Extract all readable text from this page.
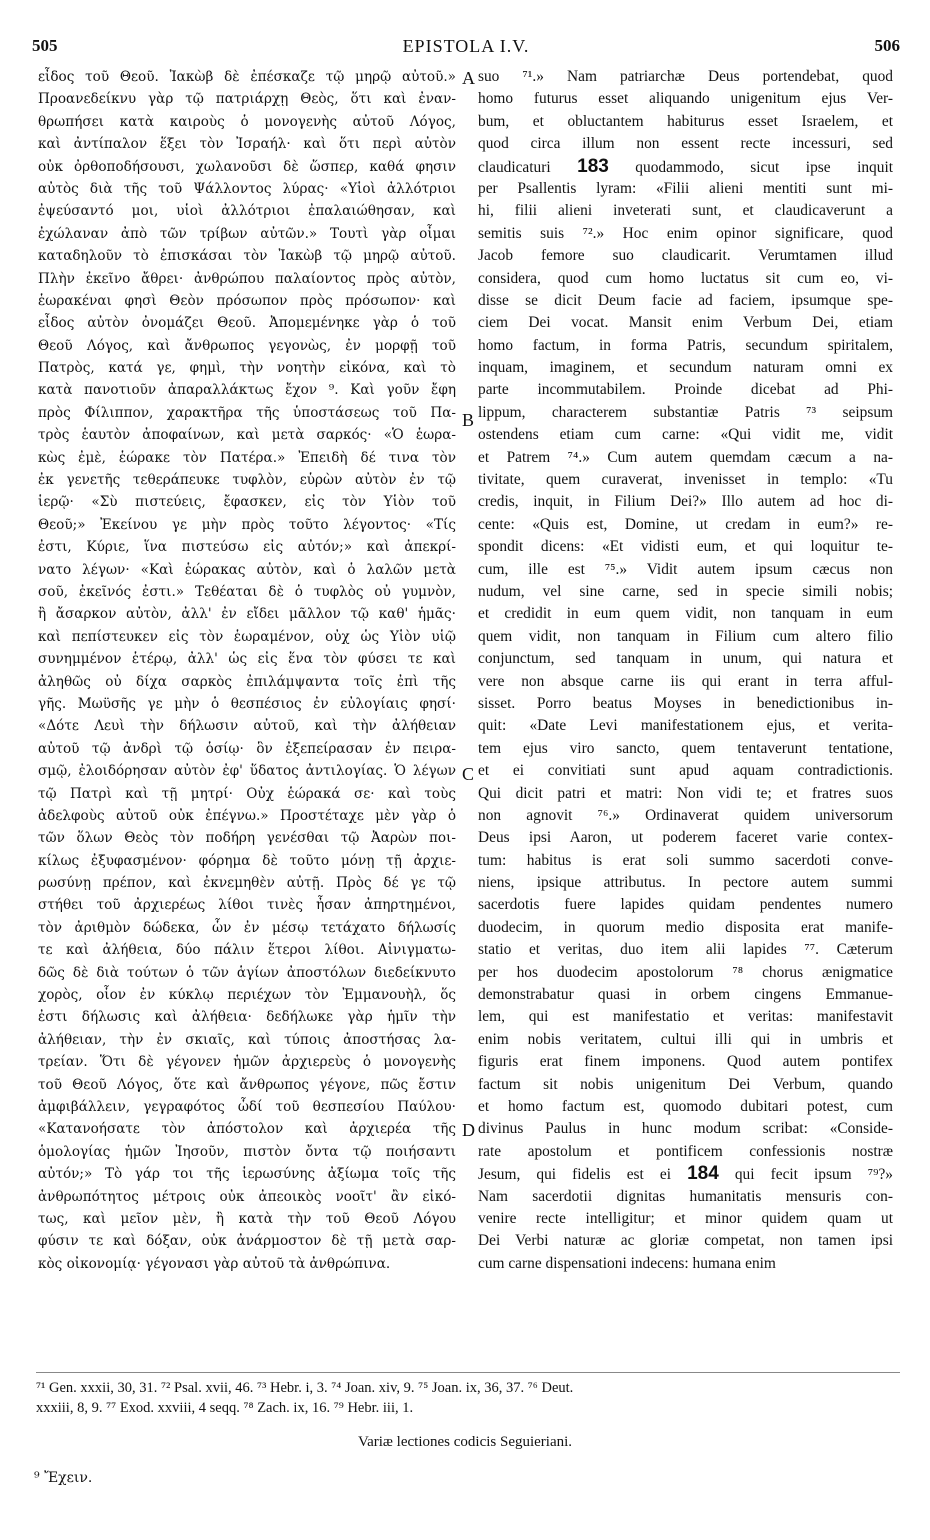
505	EPISTOLA I.V.	506
εἶδος τοῦ Θεοῦ. Ἰακὼβ δὲ ἐπέσκαζε τῷ μηρῷ αὐτοῦ.»
Προανεδείκνυ γὰρ τῷ πατριάρχῃ Θεὸς, ὅτι καὶ ἐναν-
θρωπήσει κατὰ καιροὺς ὁ μονογενὴς αὐτοῦ Λόγος,
καὶ ἀντίπαλον ἕξει τὸν Ἰσραήλ· καὶ ὅτι περὶ αὐτὸν
οὐκ ὀρθοποδήσουσι, χωλανοῦσι δὲ ὥσπερ, καθά φησιν
αὐτὸς διὰ τῆς τοῦ Ψάλλοντος λύρας· «Υἱοὶ ἀλλότριοι
ἐψεύσαντό μοι, υἱοὶ ἀλλότριοι ἐπαλαιώθησαν, καὶ
ἐχώλαναν ἀπὸ τῶν τρίβων αὐτῶν.» Τουτὶ γὰρ οἶμαι
καταδηλοῦν τὸ ἐπισκάσαι τὸν Ἰακὼβ τῷ μηρῷ αὐτοῦ.
Πλὴν ἐκεῖνο ἄθρει· ἀνθρώπου παλαίοντος πρὸς αὐτὸν,
ἑωρακέναι φησὶ Θεὸν πρόσωπον πρὸς πρόσωπον· καὶ
εἶδος αὐτὸν ὀνομάζει Θεοῦ. Ἀπομεμένηκε γὰρ ὁ τοῦ
Θεοῦ Λόγος, καὶ ἄνθρωπος γεγονὼς, ἐν μορφῇ τοῦ
Πατρὸς, κατά γε, φημὶ, τὴν νοητὴν εἰκόνα, καὶ τὸ
κατὰ πανοτιοῦν ἀπαραλλάκτως ἔχον ⁹. Καὶ γοῦν ἔφη
πρὸς Φίλιππον, χαρακτῆρα τῆς ὑποστάσεως τοῦ Πα-
τρὸς ἑαυτὸν ἀποφαίνων, καὶ μετὰ σαρκός· «Ὁ ἑωρα-
κὼς ἐμὲ, ἑώρακε τὸν Πατέρα.» Ἐπειδὴ δέ τινα τὸν
ἐκ γενετῆς τεθεράπευκε τυφλὸν, εὑρὼν αὐτὸν ἐν τῷ
ἱερῷ· «Σὺ πιστεύεις, ἔφασκεν, εἰς τὸν Υἱὸν τοῦ
Θεοῦ;» Ἐκείνου γε μὴν πρὸς τοῦτο λέγοντος· «Τίς
ἐστι, Κύριε, ἵνα πιστεύσω εἰς αὐτόν;» καὶ ἀπεκρί-
νατο λέγων· «Καὶ ἑώρακας αὐτὸν, καὶ ὁ λαλῶν μετὰ
σοῦ, ἐκεῖνός ἐστι.» Τεθέαται δὲ ὁ τυφλὸς οὐ γυμνὸν,
ἢ ἄσαρκον αὐτὸν, ἀλλ' ἐν εἴδει μᾶλλον τῷ καθ' ἡμᾶς·
καὶ πεπίστευκεν εἰς τὸν ἑωραμένον, οὐχ ὡς Υἱὸν υἱῷ
συνημμένον ἑτέρῳ, ἀλλ' ὡς εἰς ἕνα τὸν φύσει τε καὶ
ἀληθῶς οὐ δίχα σαρκὸς ἐπιλάμψαντα τοῖς ἐπὶ τῆς
γῆς. Μωϋσῆς γε μὴν ὁ θεσπέσιος ἐν εὐλογίαις φησί·
«Δότε Λευὶ τὴν δήλωσιν αὐτοῦ, καὶ τὴν ἀλήθειαν
αὐτοῦ τῷ ἀνδρὶ τῷ ὁσίῳ· ὃν ἐξεπείρασαν ἐν πειρα-
σμῷ, ἐλοιδόρησαν αὐτὸν ἐφ' ὕδατος ἀντιλογίας. Ὁ λέγων
τῷ Πατρὶ καὶ τῇ μητρί· Οὐχ ἑώρακά σε· καὶ τοὺς
ἀδελφοὺς αὐτοῦ οὐκ ἐπέγνω.» Προστέταχε μὲν γὰρ ὁ
τῶν ὅλων Θεὸς τὸν ποδήρη γενέσθαι τῷ Ἀαρὼν ποι-
κίλως ἐξυφασμένον· φόρημα δὲ τοῦτο μόνῃ τῇ ἀρχιε-
ρωσύνῃ πρέπον, καὶ ἐκνεμηθὲν αὐτῇ. Πρὸς δέ γε τῷ
στήθει τοῦ ἀρχιερέως λίθοι τινὲς ἦσαν ἀπηρτημένοι,
τὸν ἀριθμὸν δώδεκα, ὧν ἐν μέσῳ τετάχατο δήλωσίς
τε καὶ ἀλήθεια, δύο πάλιν ἕτεροι λίθοι. Αἰνιγματω-
δῶς δὲ διὰ τούτων ὁ τῶν ἁγίων ἀποστόλων διεδείκνυτο
χορὸς, οἷον ἐν κύκλῳ περιέχων τὸν Ἐμμανουὴλ, ὅς
ἐστι δήλωσις καὶ ἀλήθεια· δεδήλωκε γὰρ ἡμῖν τὴν
ἀλήθειαν, τὴν ἐν σκιαῖς, καὶ τύποις ἀποστήσας λα-
τρείαν. Ὅτι δὲ γέγονεν ἡμῶν ἀρχιερεὺς ὁ μονογενὴς
τοῦ Θεοῦ Λόγος, ὅτε καὶ ἄνθρωπος γέγονε, πῶς ἔστιν
ἀμφιβάλλειν, γεγραφότος ὧδί τοῦ θεσπεσίου Παύλου·
«Κατανοήσατε τὸν ἀπόστολον καὶ ἀρχιερέα τῆς
ὁμολογίας ἡμῶν Ἰησοῦν, πιστὸν ὄντα τῷ ποιήσαντι
αὐτόν;» Τὸ γάρ τοι τῆς ἱερωσύνης ἀξίωμα τοῖς τῆς
ἀνθρωπότητος μέτροις οὐκ ἀπεοικὸς νοοῖτ' ἂν εἰκό-
τως, καὶ μεῖον μὲν, ἢ κατὰ τὴν τοῦ Θεοῦ Λόγου
φύσιν τε καὶ δόξαν, οὐκ ἀνάρμοστον δὲ τῇ μετὰ σαρ-
κὸς οἰκονομίᾳ· γέγονασι γὰρ αὐτοῦ τὰ ἀνθρώπινα.
suo ⁷¹.» Nam patriarchæ Deus portendebat, quod
homo futurus esset aliquando unigenitum ejus Ver-
bum, et obluctantem habiturus esset Israelem, et
quod circa illum non essent recte incessuri, sed
claudicaturi 183 quodammodo, sicut ipse inquit
per Psallentis lyram: «Filii alieni mentiti sunt mi-
hi, filii alieni inveterati sunt, et claudicaverunt a
semitis suis ⁷².» Hoc enim opinor significare, quod
Jacob femore suo claudicarit. Verumtamen illud
considera, quod cum homo luctatus sit cum eo, vi-
disse se dicit Deum facie ad faciem, ipsumque spe-
ciem Dei vocat. Mansit enim Verbum Dei, etiam
homo factum, in forma Patris, secundum spiritalem,
inquam, imaginem, et secundum naturam omni ex
parte incommutabilem. Proinde dicebat ad Phi-
lippum, characterem substantiæ Patris ⁷³ seipsum
ostendens etiam cum carne: «Qui vidit me, vidit
et Patrem ⁷⁴.» Cum autem quemdam cæcum a na-
tivitate, quem curaverat, invenisset in templo: «Tu
credis, inquit, in Filium Dei?» Illo autem ad hoc di-
cente: «Quis est, Domine, ut credam in eum?» re-
spondit dicens: «Et vidisti eum, et qui loquitur te-
cum, ille est ⁷⁵.» Vidit autem ipsum cæcus non
nudum, vel sine carne, sed in specie simili nobis;
et credidit in eum quem vidit, non tanquam in eum
quem vidit, non tanquam in Filium cum altero filio
conjunctum, sed tanquam in unum, qui natura et
vere non absque carne iis qui erant in terra afful-
sisset. Porro beatus Moyses in benedictionibus in-
quit: «Date Levi manifestationem ejus, et verita-
tem ejus viro sancto, quem tentaverunt tentatione,
et ei convitiati sunt apud aquam contradictionis.
Qui dicit patri et matri: Non vidi te; et fratres suos
non agnovit ⁷⁶.» Ordinaverat quidem universorum
Deus ipsi Aaron, ut poderem faceret varie contex-
tum: habitus is erat soli summo sacerdoti conve-
niens, ipsique attributus. In pectore autem summi
sacerdotis fuere lapides quidam pendentes numero
duodecim, in quorum medio disposita erat manife-
statio et veritas, duo item alii lapides ⁷⁷. Cæterum
per hos duodecim apostolorum ⁷⁸ chorus ænigmatice
demonstrabatur quasi in orbem cingens Emmanue-
lem, qui est manifestatio et veritas: manifestavit
enim nobis veritatem, cultui illi qui in umbris et
figuris erat finem imponens. Quod autem pontifex
factum sit nobis unigenitum Dei Verbum, quando
et homo factum est, quomodo dubitari potest, cum
divinus Paulus in hunc modum scribat: «Conside-
rate apostolum et pontificem confessionis nostræ
Jesum, qui fidelis est ei 184 qui fecit ipsum ⁷⁹?»
Nam sacerdotii dignitas humanitatis mensuris con-
venire recte intelligitur; et minor quidem quam ut
Dei Verbi naturæ ac gloriæ competat, non tamen ipsi
cum carne dispensationi indecens: humana enim
A
B
C
D
⁷¹ Gen. xxxii, 30, 31. ⁷² Psal. xvii, 46. ⁷³ Hebr. i, 3. ⁷⁴ Joan. xiv, 9. ⁷⁵ Joan. ix, 36, 37. ⁷⁶ Deut.
xxxiii, 8, 9. ⁷⁷ Exod. xxviii, 4 seqq. ⁷⁸ Zach. ix, 16. ⁷⁹ Hebr. iii, 1.
Variæ lectiones codicis Seguieriani.
⁹ Ἔχειν.
